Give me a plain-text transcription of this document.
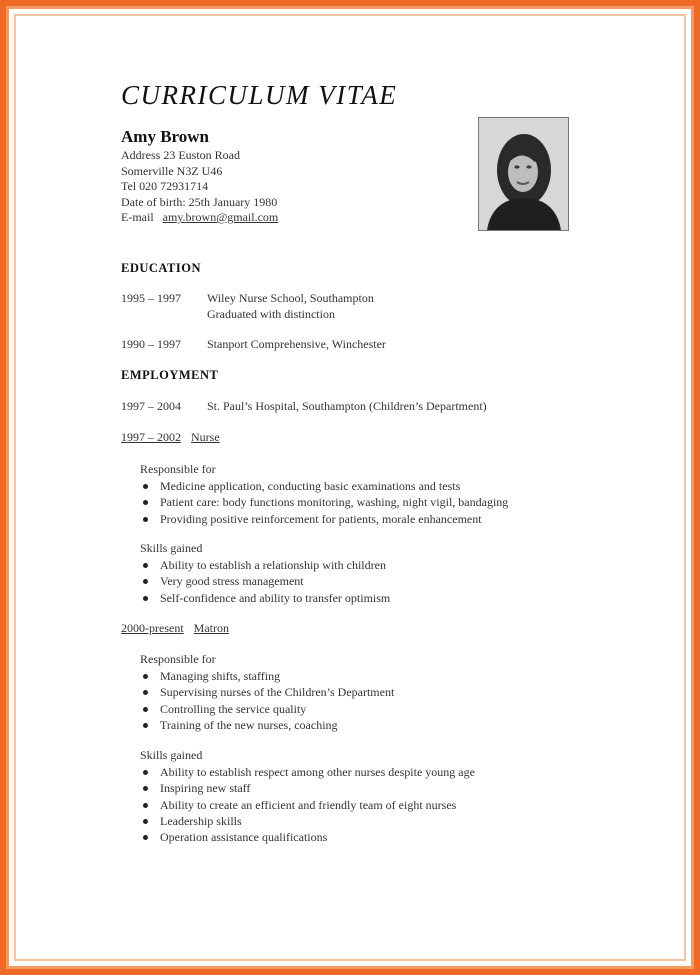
CURRICULUM VITAE
Amy Brown
Address 23 Euston Road
Somerville N3Z U46
Tel 020 72931714
Date of birth: 25th January 1980
E-mail amy.brown@gmail.com
EDUCATION
1995 – 1997 Wiley Nurse School, Southampton
Graduated with distinction
1990 – 1997 Stanport Comprehensive, Winchester
EMPLOYMENT
1997 – 2004 St. Paul’s Hospital, Southampton (Children’s Department)
1997 – 2002 Nurse
Responsible for
Medicine application, conducting basic examinations and tests
Patient care: body functions monitoring, washing, night vigil, bandaging
Providing positive reinforcement for patients, morale enhancement
Skills gained
Ability to establish a relationship with children
Very good stress management
Self-confidence and ability to transfer optimism
2000-present Matron
Responsible for
Managing shifts, staffing
Supervising nurses of the Children’s Department
Controlling the service quality
Training of the new nurses, coaching
Skills gained
Ability to establish respect among other nurses despite young age
Inspiring new staff
Ability to create an efficient and friendly team of eight nurses
Leadership skills
Operation assistance qualifications
